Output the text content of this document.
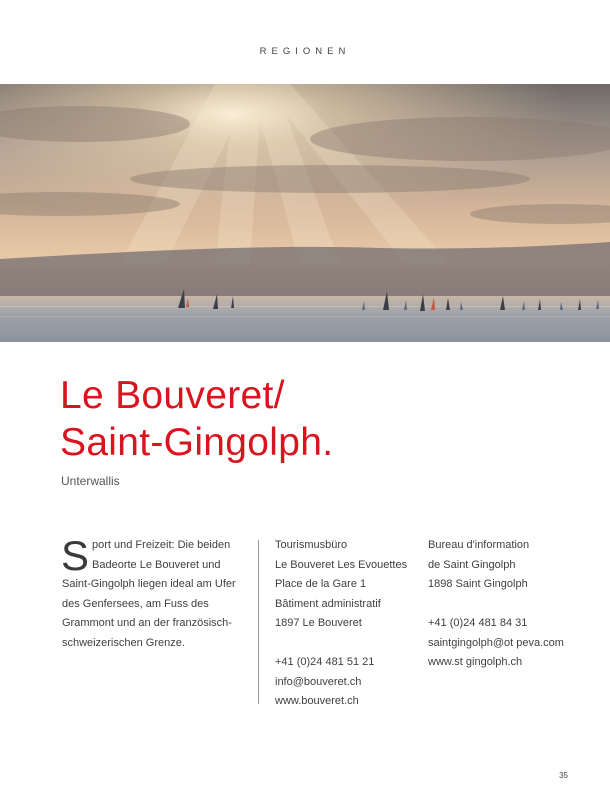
REGIONEN
Le Bouveret/
Saint-Gingolph.
Unterwallis
Sport und Freizeit: Die beiden Badeorte Le Bouveret und Saint-Gingolph liegen ideal am Ufer des Genfersees, am Fuss des Grammont und an der französisch-schweizerischen Grenze.
Tourismusbüro
Le Bouveret Les Evouettes
Place de la Gare 1
Bâtiment administratif
1897 Le Bouveret
+41 (0)24 481 51 21
info@bouveret.ch
www.bouveret.ch
Bureau d'information
de Saint Gingolph
1898 Saint Gingolph
+41 (0)24 481 84 31
saintgingolph@ot peva.com
www.st gingolph.ch
35
